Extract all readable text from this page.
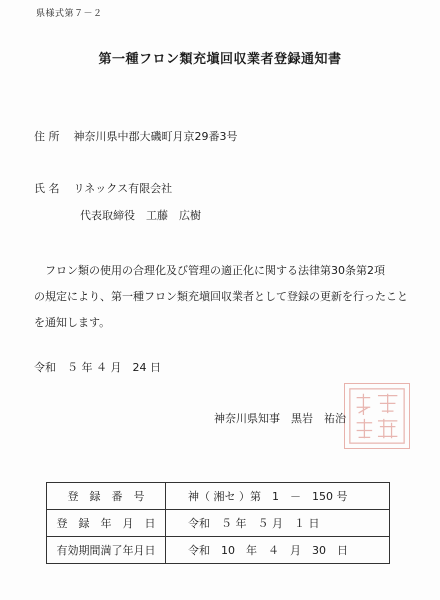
県様式第７－２
第一種フロン類充塡回収業者登録通知書
住 所 神奈川県中郡大磯町月京29番3号
氏 名 リネックス有限会社
代表取締役　工藤　広樹

フロン類の使用の合理化及び管理の適正化に関する法律第30条第2項

の規定により、第一種フロン類充塡回収業者として登録の更新を行ったこと

を通知します。

令和　５ 年 ４ 月　24 日
神奈川県知事　黒岩　祐治
登　録　番　号	神（ 湘セ ）第　1　－　150 号
登　録　年　月　日	令和　５ 年　５ 月　１ 日
有効期間満了年月日	令和　10　年　４　月　30　日
